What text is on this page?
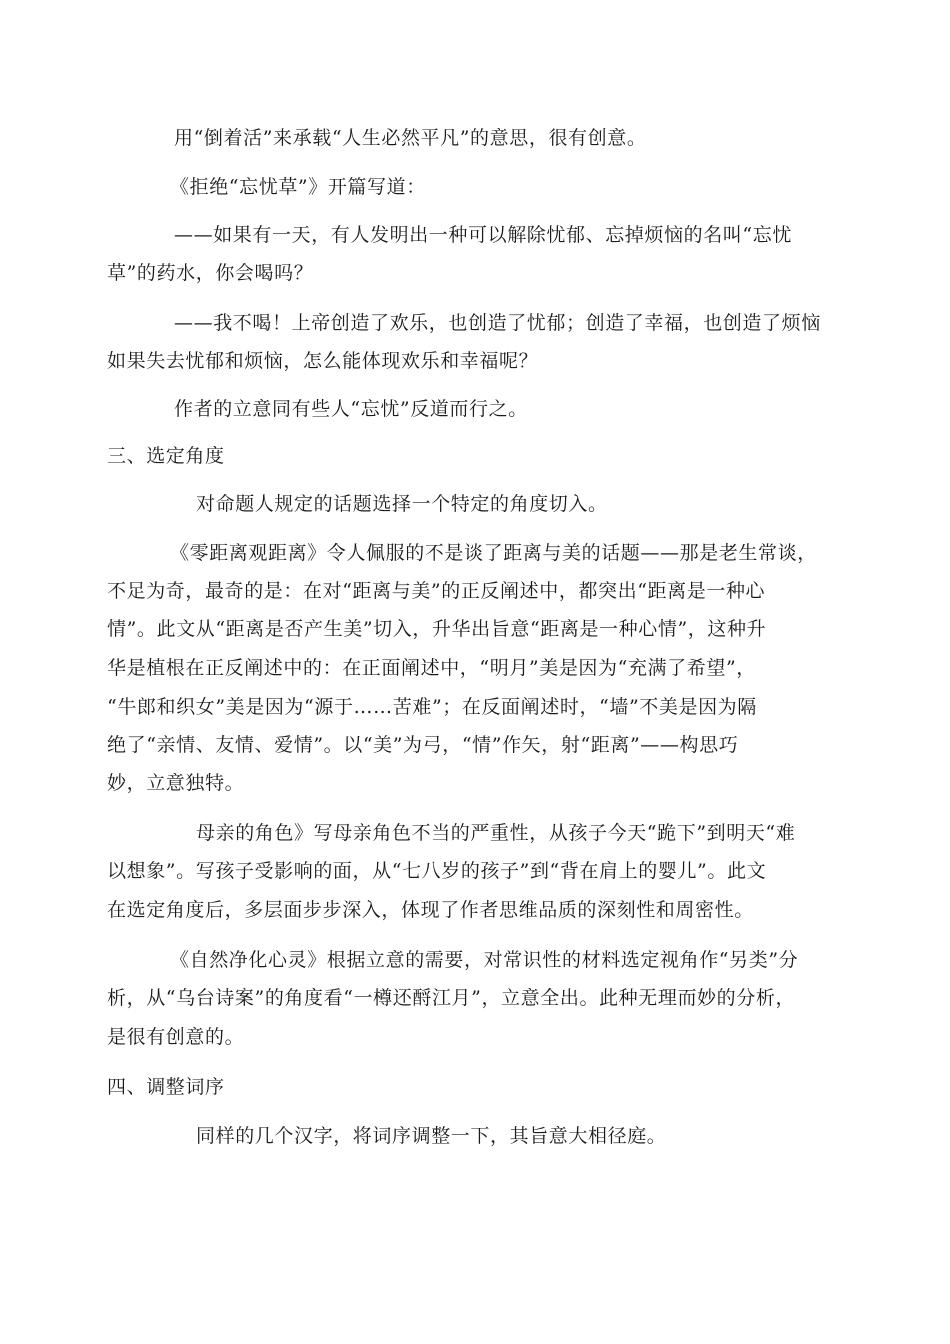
用“倒着活”来承载“人生必然平凡”的意思，很有创意。
《拒绝“忘忧草”》开篇写道：
——如果有一天，有人发明出一种可以解除忧郁、忘掉烦恼的名叫“忘忧
草”的药水，你会喝吗？
——我不喝！上帝创造了欢乐，也创造了忧郁；创造了幸福，也创造了烦恼
如果失去忧郁和烦恼，怎么能体现欢乐和幸福呢？
作者的立意同有些人“忘忧”反道而行之。
三、选定角度
对命题人规定的话题选择一个特定的角度切入。
《零距离观距离》令人佩服的不是谈了距离与美的话题——那是老生常谈，
不足为奇，最奇的是：在对“距离与美”的正反阐述中，都突出“距离是一种心
情”。此文从“距离是否产生美”切入，升华出旨意“距离是一种心情”，这种升
华是植根在正反阐述中的：在正面阐述中，“明月”美是因为“充满了希望”，
“牛郎和织女”美是因为“源于……苦难”；在反面阐述时，“墙”不美是因为隔
绝了“亲情、友情、爱情”。以“美”为弓，“情”作矢，射“距离”——构思巧
妙，立意独特。
母亲的角色》写母亲角色不当的严重性，从孩子今天“跪下”到明天“难
以想象”。写孩子受影响的面，从“七八岁的孩子”到“背在肩上的婴儿”。此文
在选定角度后，多层面步步深入，体现了作者思维品质的深刻性和周密性。
《自然净化心灵》根据立意的需要，对常识性的材料选定视角作“另类”分
析，从“乌台诗案”的角度看“一樽还酹江月”，立意全出。此种无理而妙的分析，
是很有创意的。
四、调整词序
同样的几个汉字，将词序调整一下，其旨意大相径庭。
